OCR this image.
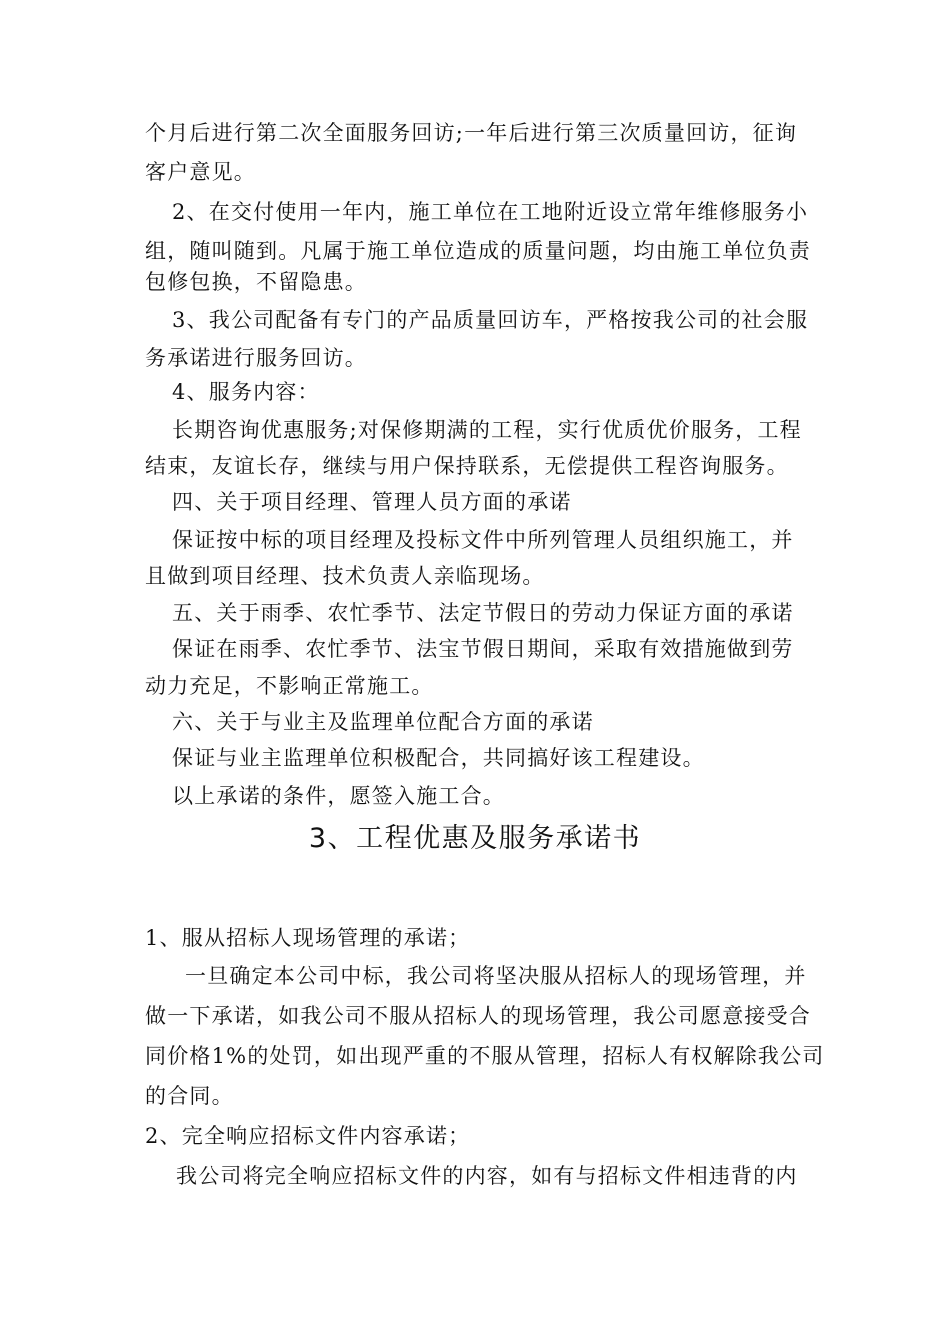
个月后进行第二次全面服务回访;一年后进行第三次质量回访，征询
客户意见。
2、在交付使用一年内，施工单位在工地附近设立常年维修服务小
组，随叫随到。凡属于施工单位造成的质量问题，均由施工单位负责
包修包换，不留隐患。
3、我公司配备有专门的产品质量回访车，严格按我公司的社会服
务承诺进行服务回访。
4、服务内容：
长期咨询优惠服务;对保修期满的工程，实行优质优价服务，工程
结束，友谊长存，继续与用户保持联系，无偿提供工程咨询服务。
四、关于项目经理、管理人员方面的承诺
保证按中标的项目经理及投标文件中所列管理人员组织施工，并
且做到项目经理、技术负责人亲临现场。
五、关于雨季、农忙季节、法定节假日的劳动力保证方面的承诺
保证在雨季、农忙季节、法宝节假日期间，采取有效措施做到劳
动力充足，不影响正常施工。
六、关于与业主及监理单位配合方面的承诺
保证与业主监理单位积极配合，共同搞好该工程建设。
以上承诺的条件，愿签入施工合。
3、工程优惠及服务承诺书
1、服从招标人现场管理的承诺；
一旦确定本公司中标，我公司将坚决服从招标人的现场管理，并
做一下承诺，如我公司不服从招标人的现场管理，我公司愿意接受合
同价格1%的处罚，如出现严重的不服从管理，招标人有权解除我公司
的合同。
2、完全响应招标文件内容承诺；
我公司将完全响应招标文件的内容，如有与招标文件相违背的内
